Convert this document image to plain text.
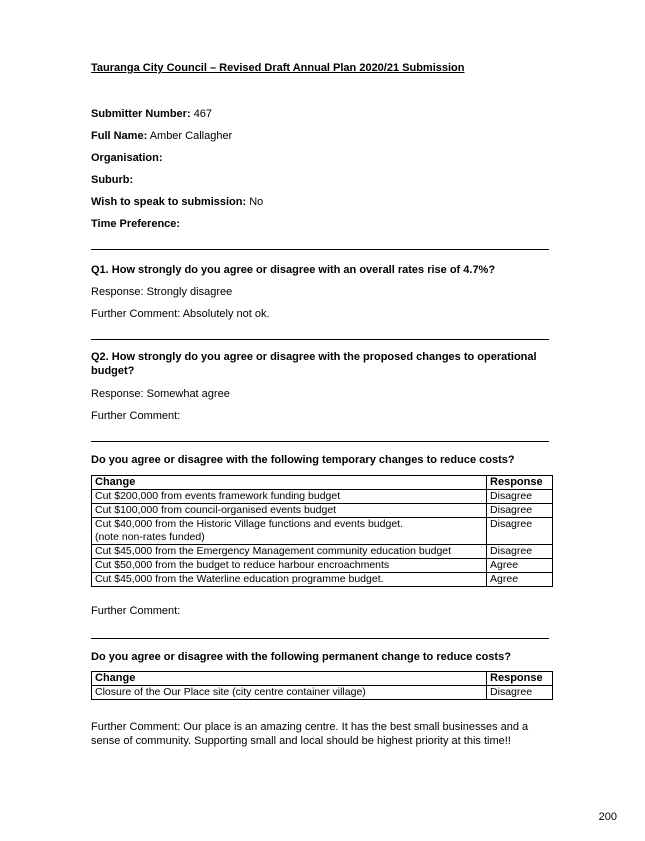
Tauranga City Council – Revised Draft Annual Plan 2020/21 Submission
Submitter Number: 467
Full Name: Amber Callagher
Organisation:
Suburb:
Wish to speak to submission: No
Time Preference:
Q1. How strongly do you agree or disagree with an overall rates rise of 4.7%?
Response: Strongly disagree
Further Comment: Absolutely not ok.
Q2. How strongly do you agree or disagree with the proposed changes to operational budget?
Response: Somewhat agree
Further Comment:
Do you agree or disagree with the following temporary changes to reduce costs?
Change	Response
Cut $200,000 from events framework funding budget	Disagree
Cut $100,000 from council-organised events budget	Disagree
Cut $40,000 from the Historic Village functions and events budget.
(note non-rates funded)	Disagree
Cut $45,000 from the Emergency Management community education budget	Disagree
Cut $50,000 from the budget to reduce harbour encroachments	Agree
Cut $45,000 from the Waterline education programme budget.	Agree
Further Comment:
Do you agree or disagree with the following permanent change to reduce costs?
Change	Response
Closure of the Our Place site (city centre container village)	Disagree
Further Comment: Our place is an amazing centre. It has the best small businesses and a sense of community. Supporting small and local should be highest priority at this time!!
200
